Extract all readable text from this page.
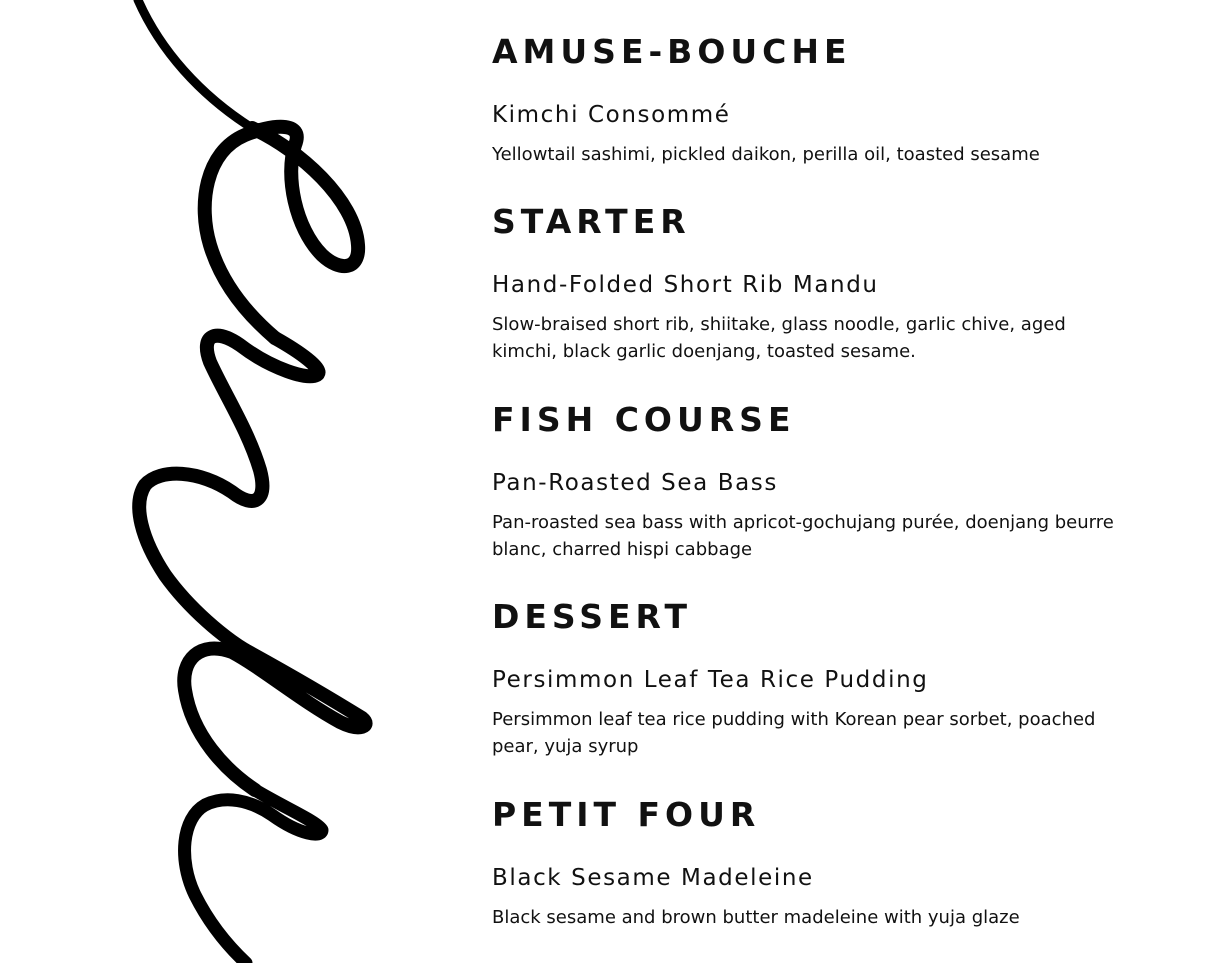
AMUSE-BOUCHE
Kimchi Consommé

Yellowtail sashimi, pickled daikon, perilla oil, toasted sesame

STARTER
Hand-Folded Short Rib Mandu

Slow-braised short rib, shiitake, glass noodle, garlic chive, aged kimchi, black garlic doenjang, toasted sesame.

FISH COURSE
Pan-Roasted Sea Bass

Pan-roasted sea bass with apricot-gochujang purée, doenjang beurre blanc, charred hispi cabbage

DESSERT
Persimmon Leaf Tea Rice Pudding

Persimmon leaf tea rice pudding with Korean pear sorbet, poached pear, yuja syrup

PETIT FOUR
Black Sesame Madeleine

Black sesame and brown butter madeleine with yuja glaze
